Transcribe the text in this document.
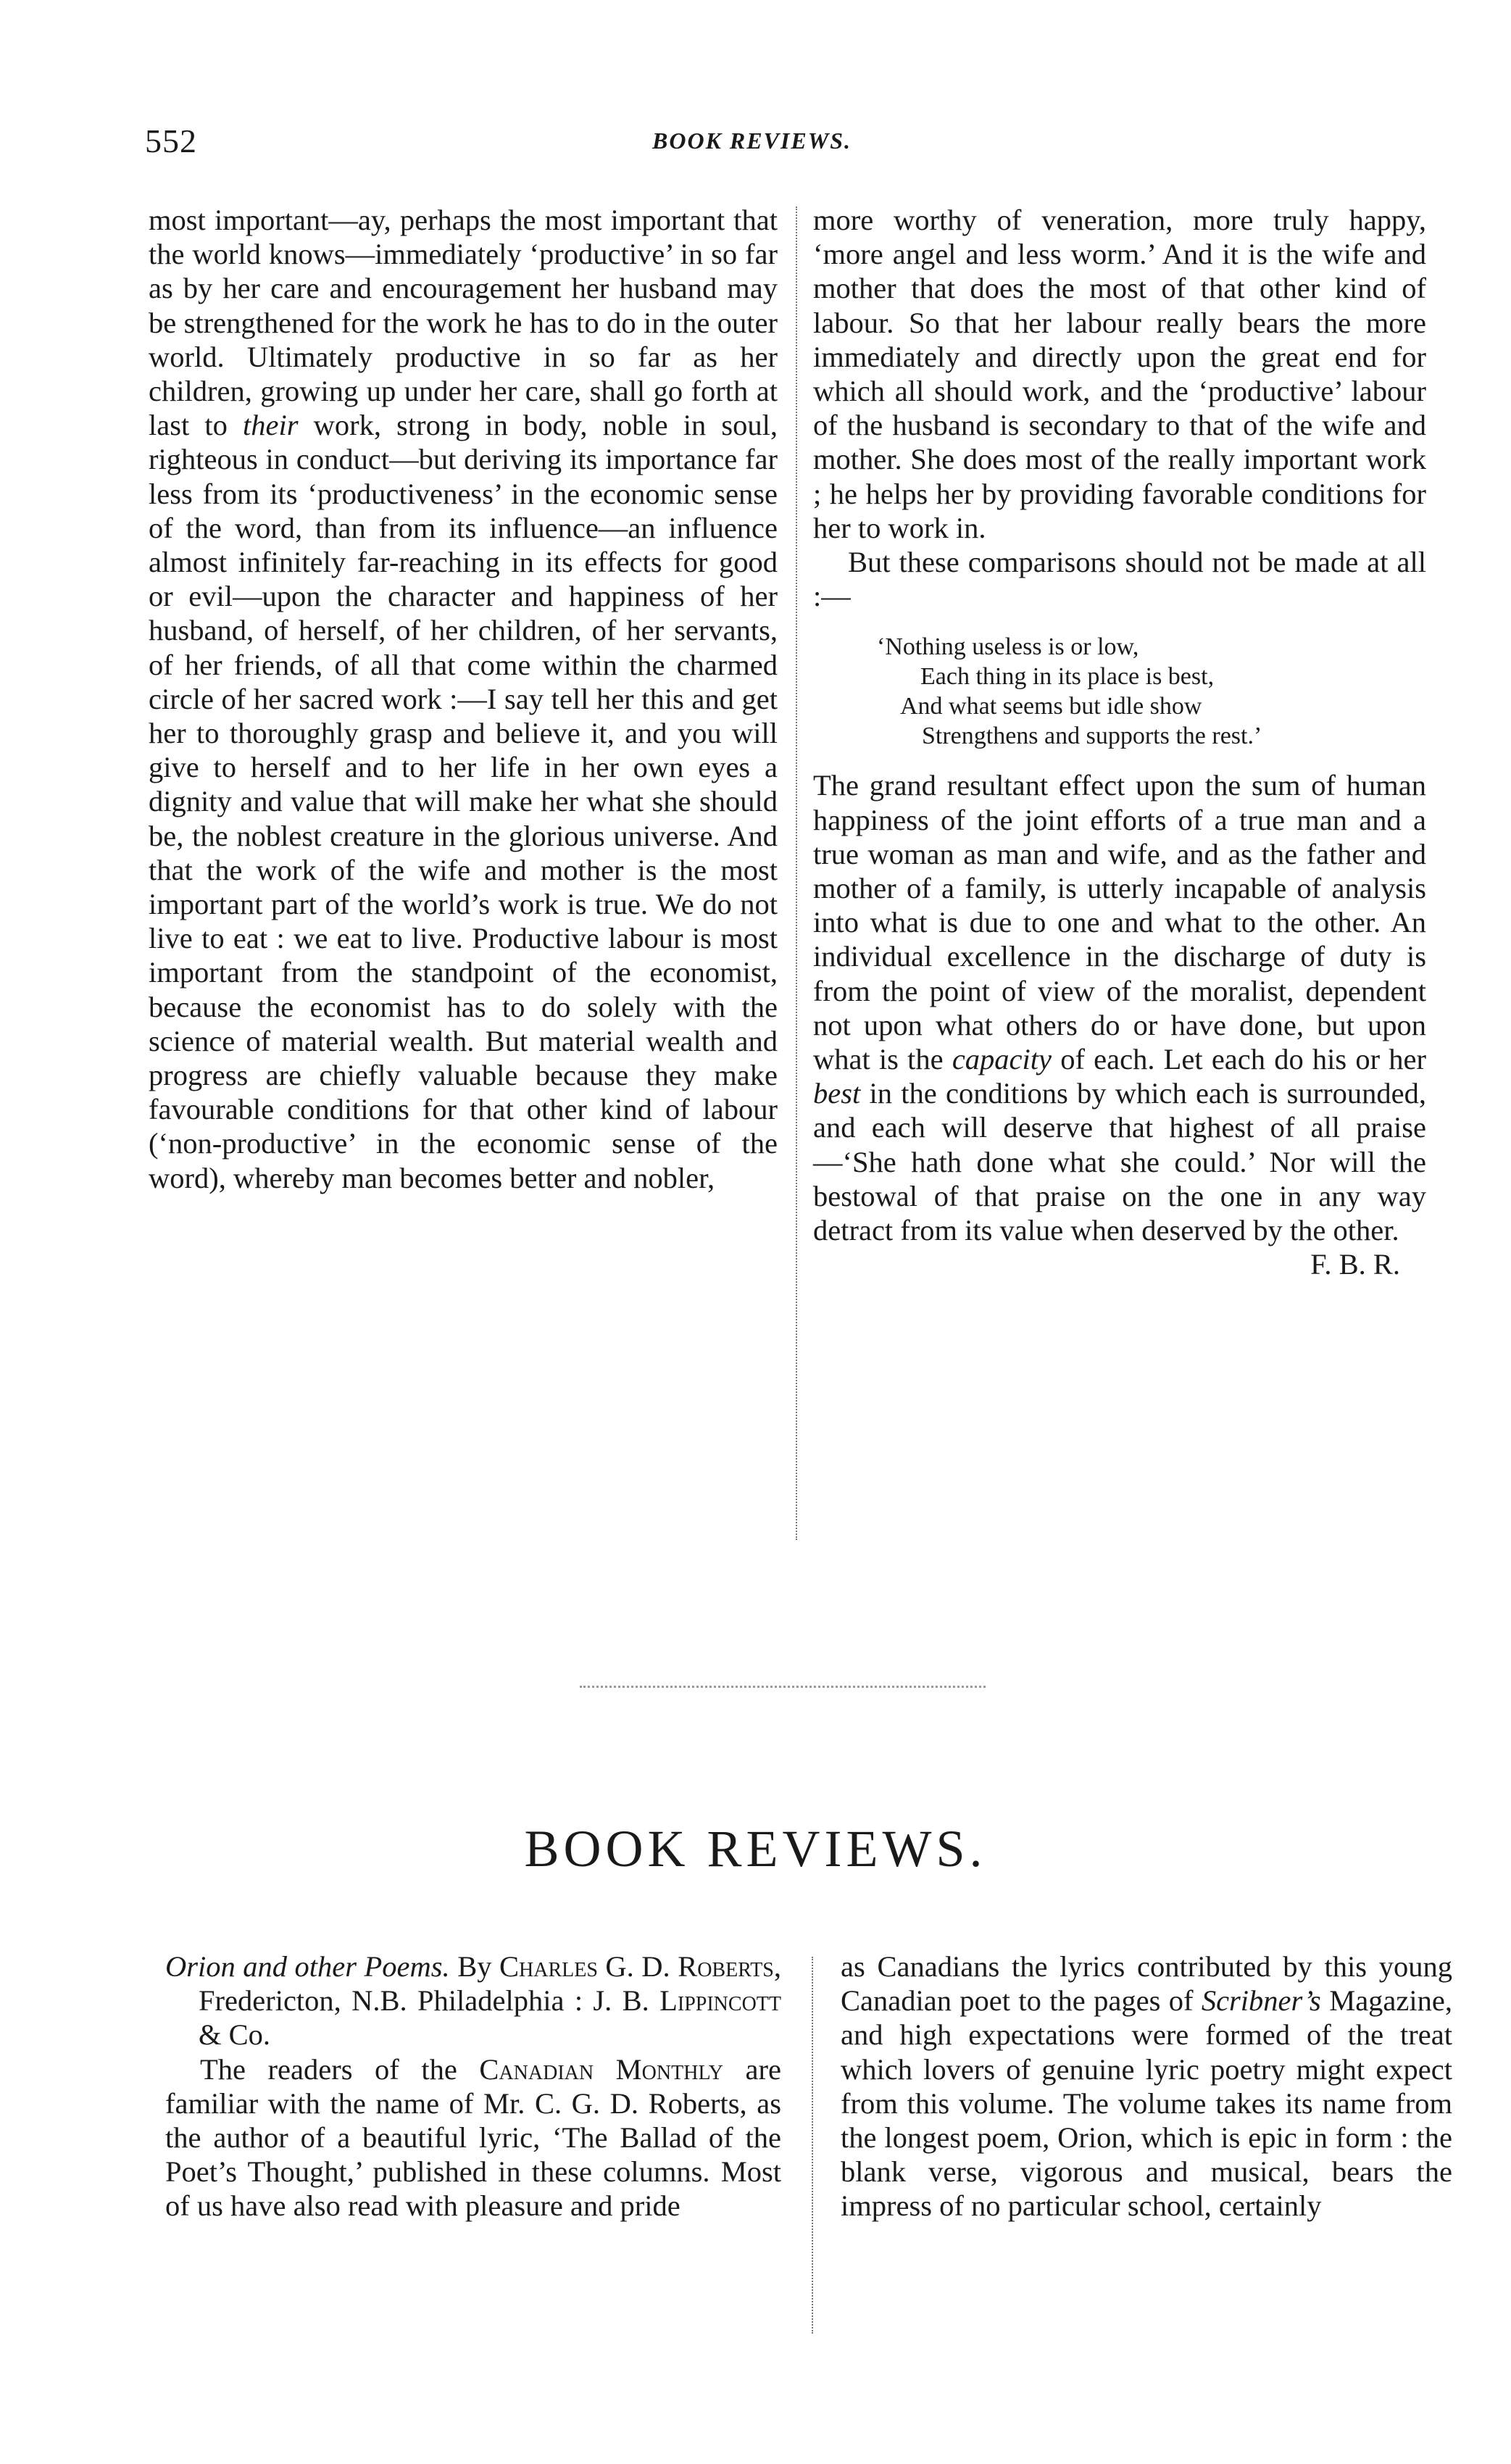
552	BOOK REVIEWS.

most important—ay, perhaps the most important that the world knows—immediately ‘productive’ in so far as by her care and encouragement her husband may be strengthened for the work he has to do in the outer world. Ultimately productive in so far as her children, growing up under her care, shall go forth at last to their work, strong in body, noble in soul, righteous in conduct—but deriving its importance far less from its ‘productiveness’ in the economic sense of the word, than from its influence—an influence almost infinitely far-reaching in its effects for good or evil—upon the character and happiness of her husband, of herself, of her children, of her servants, of her friends, of all that come within the charmed circle of her sacred work :—I say tell her this and get her to thoroughly grasp and believe it, and you will give to herself and to her life in her own eyes a dignity and value that will make her what she should be, the noblest creature in the glorious universe. And that the work of the wife and mother is the most important part of the world’s work is true. We do not live to eat : we eat to live. Productive labour is most important from the standpoint of the economist, because the economist has to do solely with the science of material wealth. But material wealth and progress are chiefly valuable because they make favourable conditions for that other kind of labour (‘non-productive’ in the economic sense of the word), whereby man becomes better and nobler,

more worthy of veneration, more truly happy, ‘more angel and less worm.’ And it is the wife and mother that does the most of that other kind of labour. So that her labour really bears the more immediately and directly upon the great end for which all should work, and the ‘productive’ labour of the husband is secondary to that of the wife and mother. She does most of the really important work ; he helps her by providing favorable conditions for her to work in.

But these comparisons should not be made at all :—

‘Nothing useless is or low,
Each thing in its place is best,
And what seems but idle show
Strengthens and supports the rest.’

The grand resultant effect upon the sum of human happiness of the joint efforts of a true man and a true woman as man and wife, and as the father and mother of a family, is utterly incapable of analysis into what is due to one and what to the other. An individual excellence in the discharge of duty is from the point of view of the moralist, dependent not upon what others do or have done, but upon what is the capacity of each. Let each do his or her best in the conditions by which each is surrounded, and each will deserve that highest of all praise—‘She hath done what she could.’ Nor will the bestowal of that praise on the one in any way detract from its value when deserved by the other.

F. B. R.

BOOK REVIEWS.

Orion and other Poems. By Charles G. D. Roberts, Fredericton, N.B. Philadelphia : J. B. Lippincott & Co.

The readers of the Canadian Monthly are familiar with the name of Mr. C. G. D. Roberts, as the author of a beautiful lyric, ‘The Ballad of the Poet’s Thought,’ published in these columns. Most of us have also read with pleasure and pride

as Canadians the lyrics contributed by this young Canadian poet to the pages of Scribner’s Magazine, and high expectations were formed of the treat which lovers of genuine lyric poetry might expect from this volume. The volume takes its name from the longest poem, Orion, which is epic in form : the blank verse, vigorous and musical, bears the impress of no particular school, certainly
